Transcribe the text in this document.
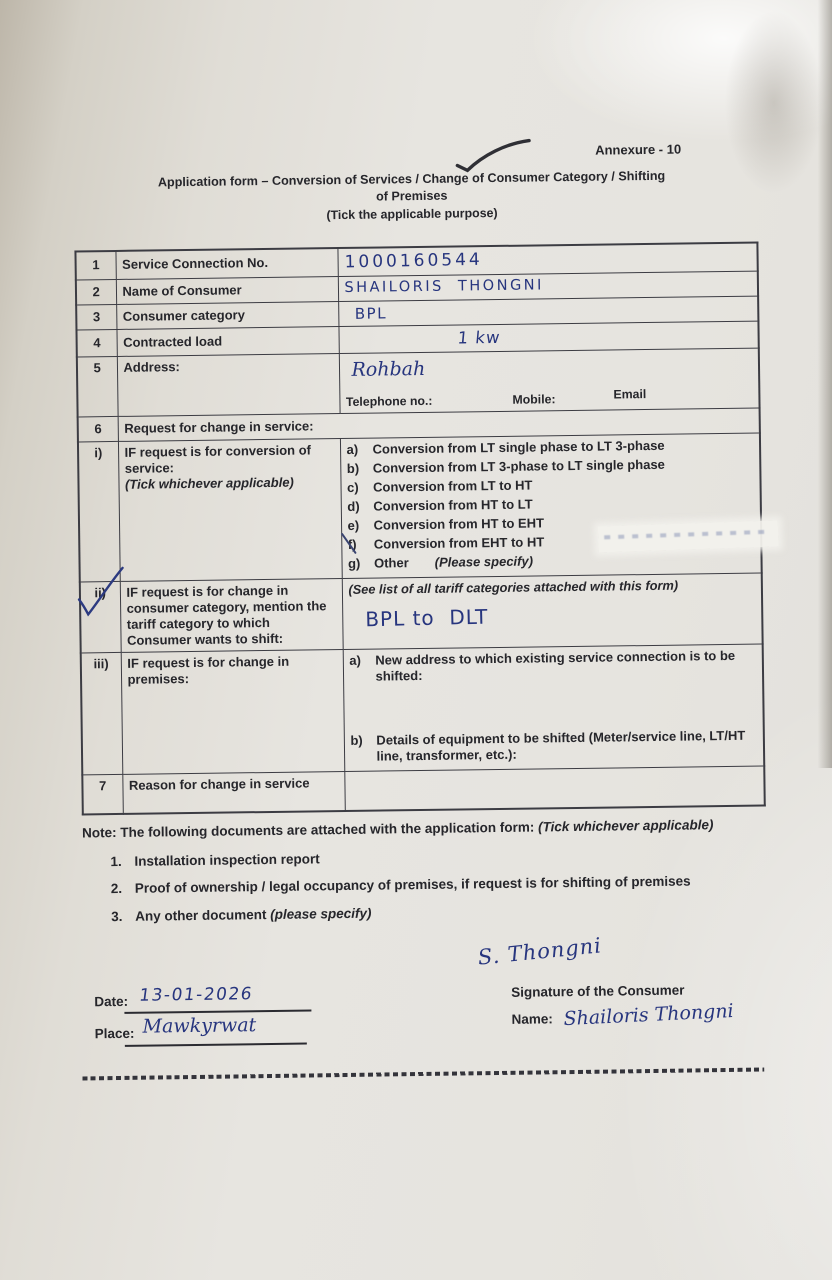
Annexure - 10
Application form – Conversion of Services / Change of Consumer Category / Shifting
of Premises
(Tick the applicable purpose)
1	Service Connection No.	1000160544
2	Name of Consumer	SHAILORIS  THONGNI
3	Consumer category	BPL
4	Contracted load	1 kw
5	Address:	Rohbah
Telephone no.: Mobile: Email

6	Request for change in service:	
i)	IF request is for conversion of service:
(Tick whichever applicable)

a)	Conversion from LT single phase to LT 3-phase
b)	Conversion from LT 3-phase to LT single phase
c)	Conversion from LT to HT
d)	Conversion from HT to LT
e)	Conversion from HT to EHT
f)	Conversion from EHT to HT
g)	Other (Please specify)

ii)	IF request is for change in consumer category, mention the tariff category to which Consumer wants to shift:	(See list of all tariff categories attached with this form)
BPL to  DLT
iii)	IF request is for change in premises:	a) New address to which existing service connection is to be shifted:
b) Details of equipment to be shifted (Meter/service line, LT/HT line, transformer, etc.):

7	Reason for change in service	
Note: The following documents are attached with the application form: (Tick whichever applicable)
1. Installation inspection report
2. Proof of ownership / legal occupancy of premises, if request is for shifting of premises
3. Any other document (please specify)
Date: 13-01-2026
Place: Mawkyrwat
S. Thongni
Signature of the Consumer
Name: Shailoris Thongni
